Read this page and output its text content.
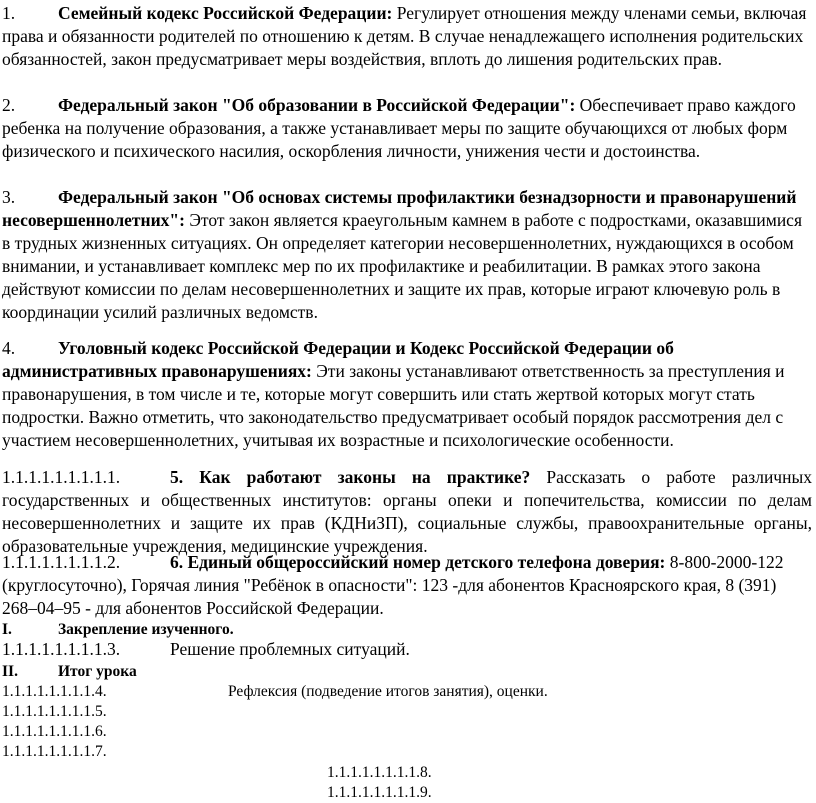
1. Семейный кодекс Российской Федерации: Регулирует отношения между членами семьи, включая права и обязанности родителей по отношению к детям. В случае ненадлежащего исполнения родительских обязанностей, закон предусматривает меры воздействия, вплоть до лишения родительских прав.
2. Федеральный закон "Об образовании в Российской Федерации": Обеспечивает право каждого ребенка на получение образования, а также устанавливает меры по защите обучающихся от любых форм физического и психического насилия, оскорбления личности, унижения чести и достоинства.
3. Федеральный закон "Об основах системы профилактики безнадзорности и правонарушений несовершеннолетних": Этот закон является краеугольным камнем в работе с подростками, оказавшимися в трудных жизненных ситуациях. Он определяет категории несовершеннолетних, нуждающихся в особом внимании, и устанавливает комплекс мер по их профилактике и реабилитации. В рамках этого закона действуют комиссии по делам несовершеннолетних и защите их прав, которые играют ключевую роль в координации усилий различных ведомств.
4. Уголовный кодекс Российской Федерации и Кодекс Российской Федерации об административных правонарушениях: Эти законы устанавливают ответственность за преступления и правонарушения, в том числе и те, которые могут совершить или стать жертвой которых могут стать подростки. Важно отметить, что законодательство предусматривает особый порядок рассмотрения дел с участием несовершеннолетних, учитывая их возрастные и психологические особенности.
1.1.1.1.1.1.1.1.1.	5. Как работают законы на практике? Рассказать о работе различных государственных и общественных институтов: органы опеки и попечительства, комиссии по делам несовершеннолетних и защите их прав (КДНиЗП), социальные службы, правоохранительные органы, образовательные учреждения, медицинские учреждения.
1.1.1.1.1.1.1.1.2.	6. Единый общероссийский номер детского телефона доверия: 8-800-2000-122 (круглосуточно), Горячая линия "Ребёнок в опасности": 123 -для абонентов Красноярского края, 8 (391) 268–04–95 - для абонентов Российской Федерации.
I.	Закрепление изученного.
1.1.1.1.1.1.1.1.3.	Решение проблемных ситуаций.
II.	Итог урока
1.1.1.1.1.1.1.1.4.	Рефлексия (подведение итогов занятия), оценки.
1.1.1.1.1.1.1.1.5.
1.1.1.1.1.1.1.1.6.
1.1.1.1.1.1.1.1.7.
1.1.1.1.1.1.1.1.8.
1.1.1.1.1.1.1.1.9.
